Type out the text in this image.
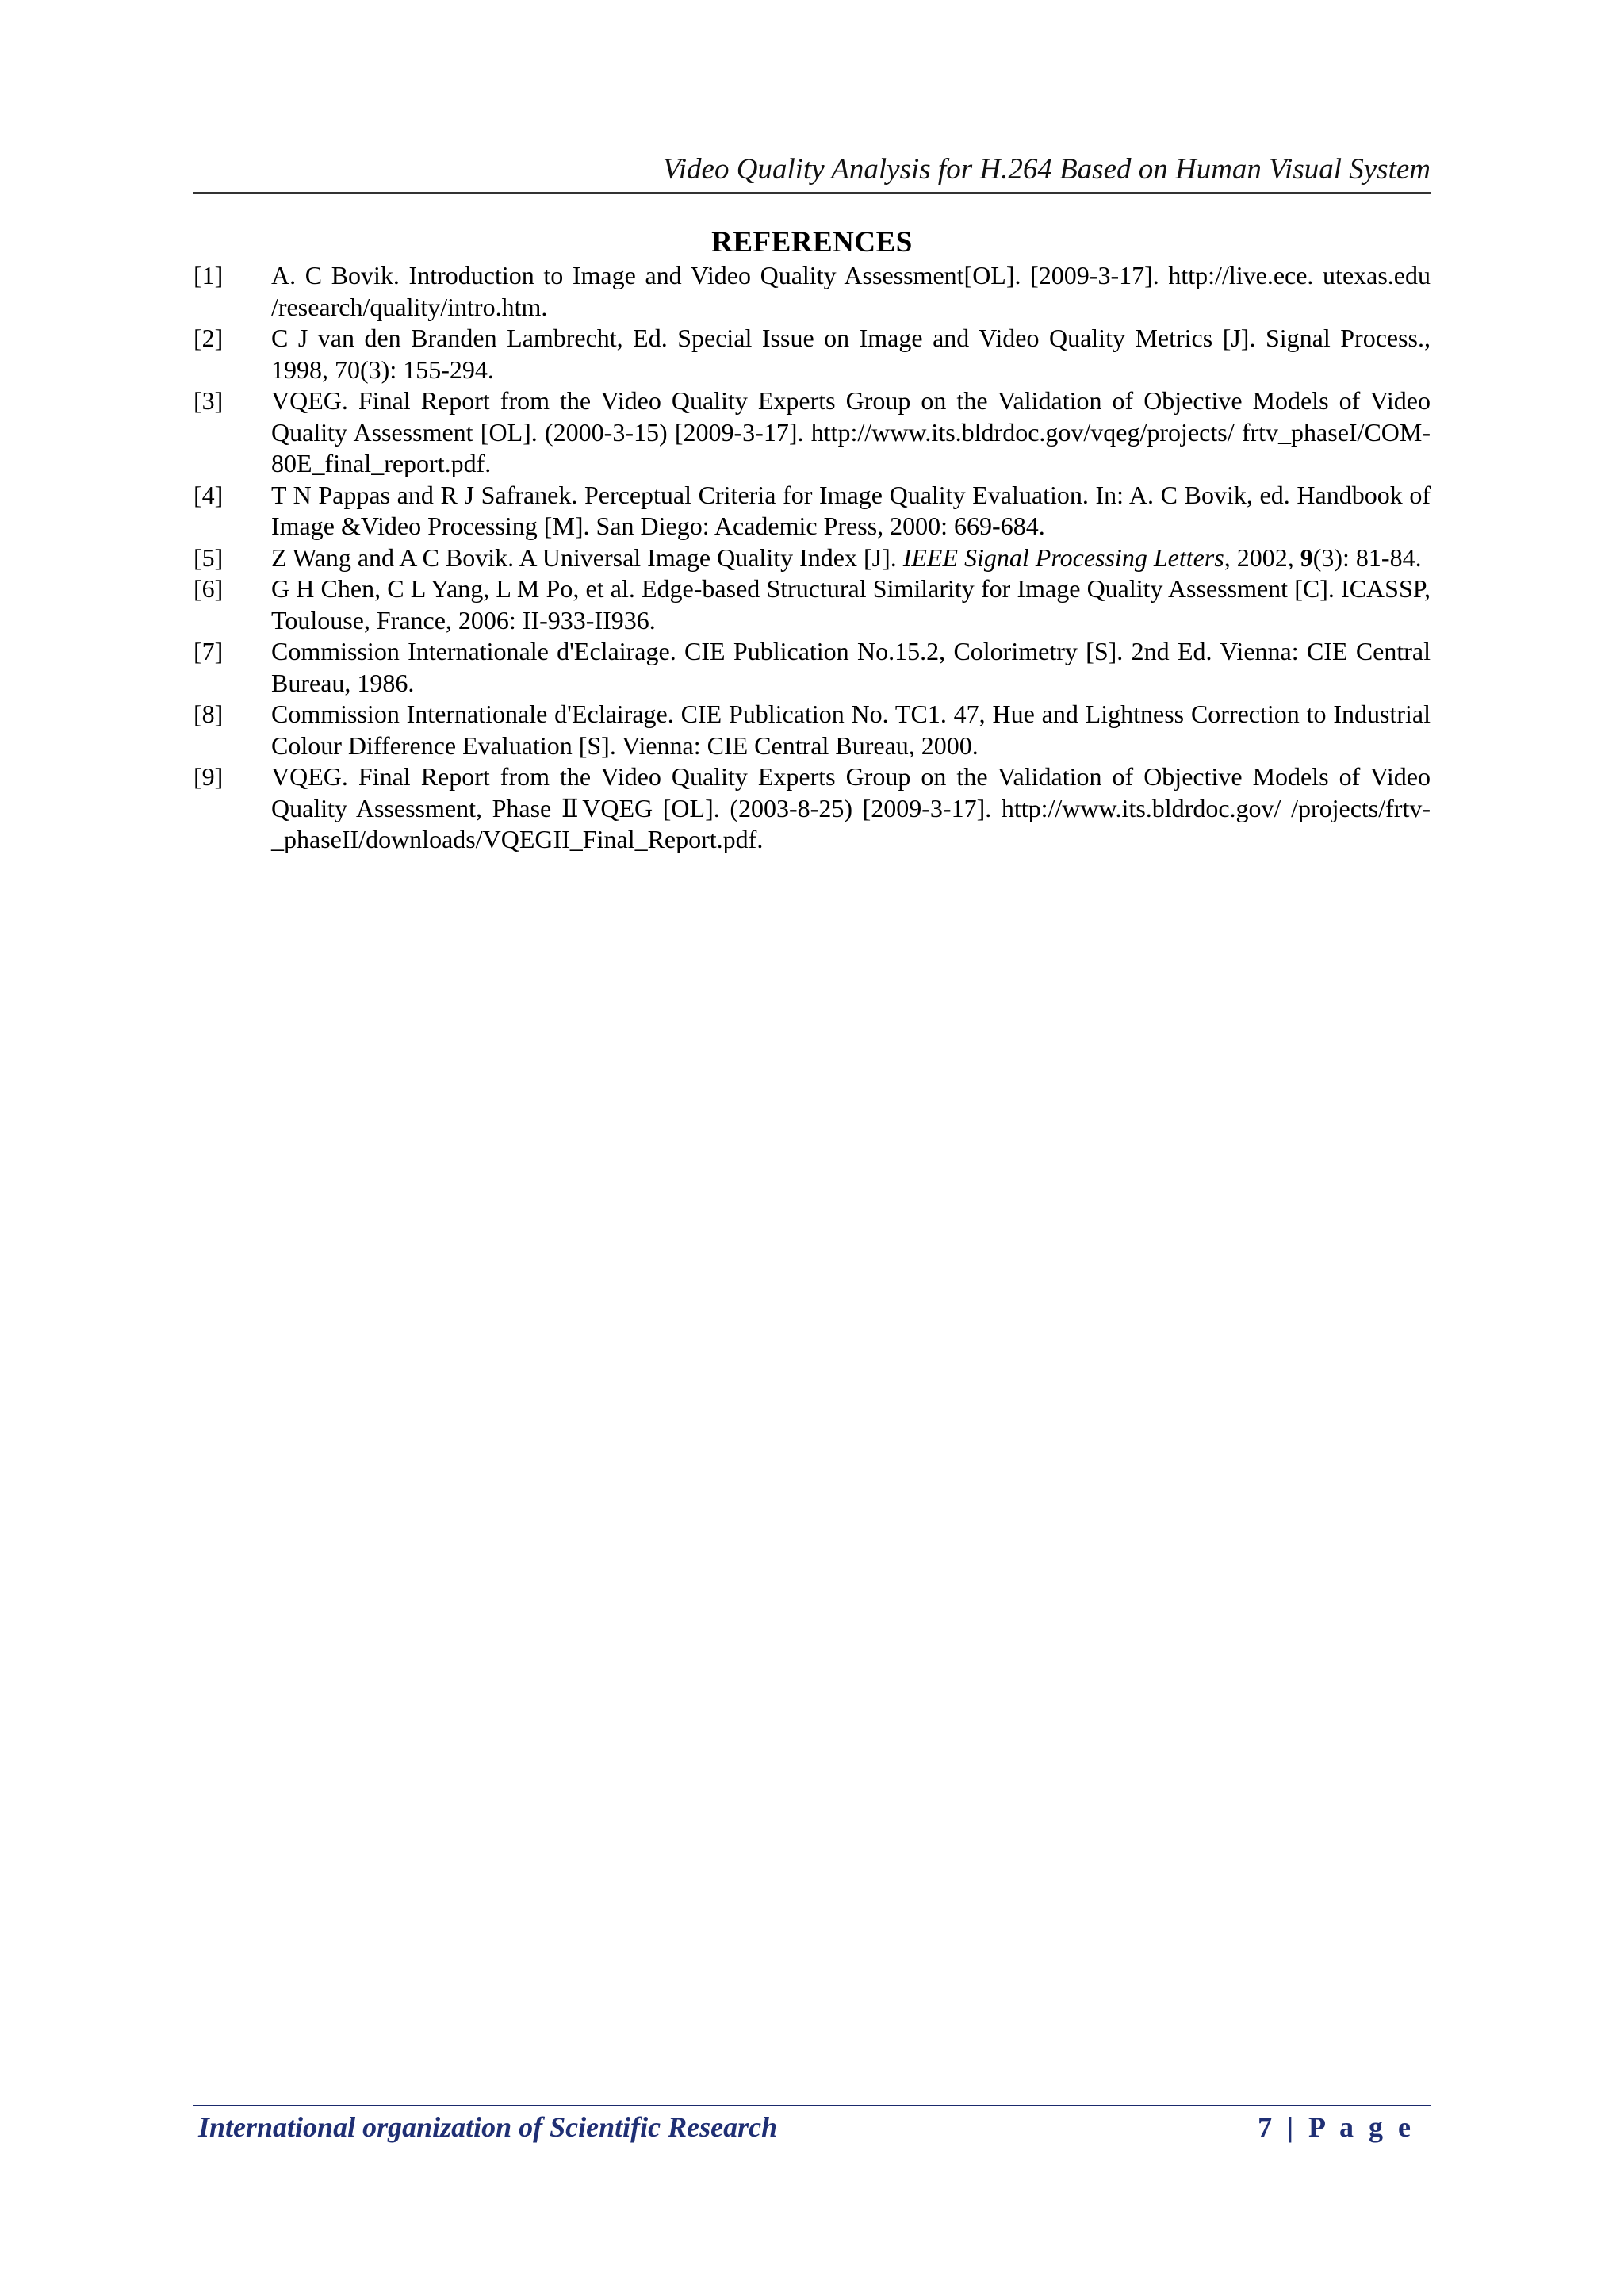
Video Quality Analysis for H.264 Based on Human Visual System
REFERENCES
[1]	A. C Bovik. Introduction to Image and Video Quality Assessment[OL]. [2009-3-17]. http://live.ece. utexas.edu /research/quality/intro.htm.
[2]	C J van den Branden Lambrecht, Ed. Special Issue on Image and Video Quality Metrics [J]. Signal Process., 1998, 70(3): 155-294.
[3]	VQEG. Final Report from the Video Quality Experts Group on the Validation of Objective Models of Video Quality Assessment [OL]. (2000-3-15) [2009-3-17]. http://www.its.bldrdoc.gov/vqeg/projects/ frtv_phaseI/COM-80E_final_report.pdf.
[4]	T N Pappas and R J Safranek. Perceptual Criteria for Image Quality Evaluation. In: A. C Bovik, ed. Handbook of Image &Video Processing [M]. San Diego: Academic Press, 2000: 669-684.
[5]	Z Wang and A C Bovik. A Universal Image Quality Index [J]. IEEE Signal Processing Letters, 2002, 9(3): 81-84.
[6]	G H Chen, C L Yang, L M Po, et al. Edge-based Structural Similarity for Image Quality Assessment [C]. ICASSP, Toulouse, France, 2006: II-933-II936.
[7]	Commission Internationale d'Eclairage. CIE Publication No.15.2, Colorimetry [S]. 2nd Ed. Vienna: CIE Central Bureau, 1986.
[8]	Commission Internationale d'Eclairage. CIE Publication No. TC1. 47, Hue and Lightness Correction to Industrial Colour Difference Evaluation [S]. Vienna: CIE Central Bureau, 2000.
[9]	VQEG. Final Report from the Video Quality Experts Group on the Validation of Objective Models of Video Quality Assessment, Phase ⅡVQEG [OL]. (2003-8-25) [2009-3-17]. http://www.its.bldrdoc.gov/ /projects/frtv- _phaseII/downloads/VQEGII_Final_Report.pdf.
International organization of Scientific Research	7 | P a g e
